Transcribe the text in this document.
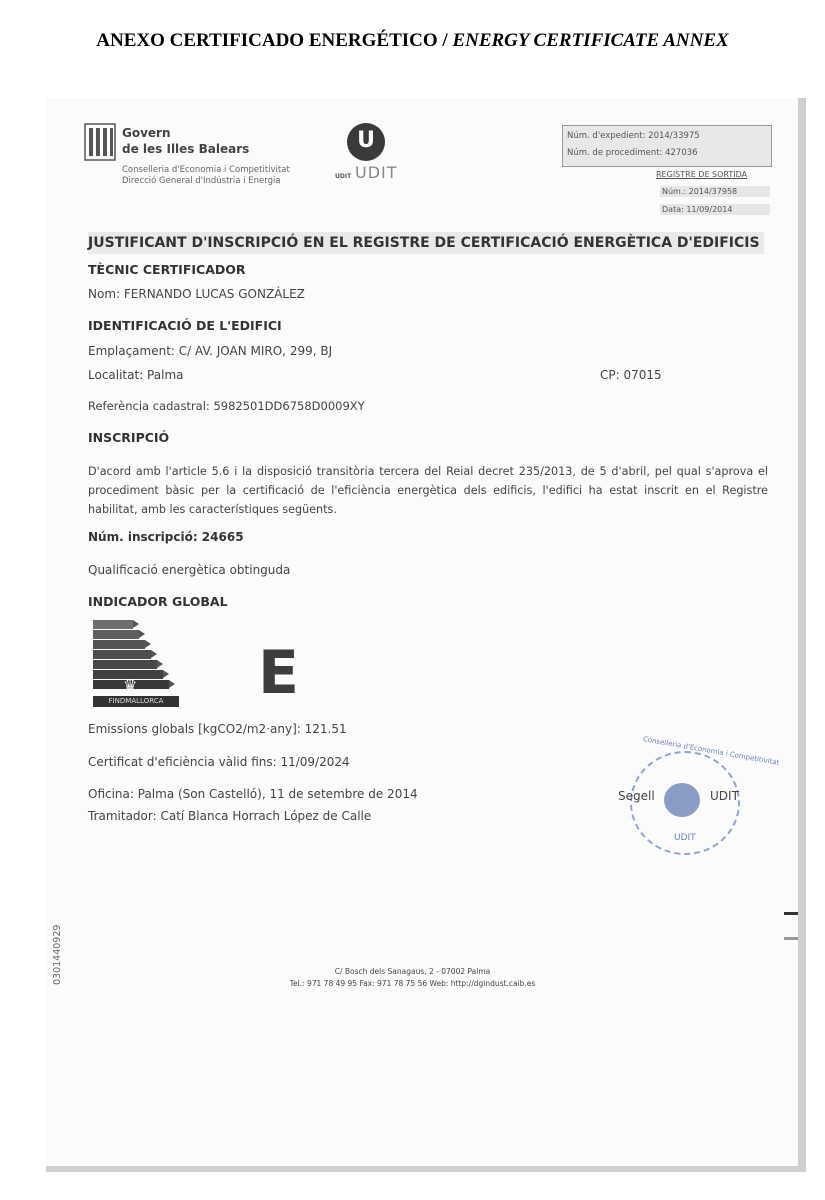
ANEXO CERTIFICADO ENERGÉTICO / ENERGY CERTIFICATE ANNEX
Govern
de les Illes Balears
Conselleria d'Economia i Competitivitat
Direcció General d'Indústria i Energia
U
UDIT UDIT
Núm. d'expedient: 2014/33975
Núm. de procediment: 427036
REGISTRE DE SORTIDA
Núm.: 2014/37958
Data: 11/09/2014
JUSTIFICANT D'INSCRIPCIÓ EN EL REGISTRE DE CERTIFICACIÓ ENERGÈTICA D'EDIFICIS
TÈCNIC CERTIFICADOR
Nom: FERNANDO LUCAS GONZÁLEZ
IDENTIFICACIÓ DE L'EDIFICI
Emplaçament: C/ AV. JOAN MIRO, 299, BJ
Localitat: Palma	CP: 07015
Referència cadastral: 5982501DD6758D0009XY
INSCRIPCIÓ
D'acord amb l'article 5.6 i la disposició transitòria tercera del Reial decret 235/2013, de 5 d'abril, pel qual s'aprova el procediment bàsic per la certificació de l'eficiència energètica dels edificis, l'edifici ha estat inscrit en el Registre habilitat, amb les característiques següents.
Núm. inscripció: 24665
Qualificació energètica obtinguda
INDICADOR GLOBAL
♛
FINDMALLORCA E
Emissions globals [kgCO2/m2·any]: 121.51
Certificat d'eficiència vàlid fins: 11/09/2024
Oficina: Palma (Son Castelló), 11 de setembre de 2014
Tramitador: Catí Blanca Horrach López de Calle
Conselleria d'Economia i Competitivitat
Segell	UDIT
UDIT
0301440929	C/ Bosch dels Sanagaus, 2 - 07002 Palma
Tel.: 971 78 49 95 Fax: 971 78 75 56 Web: http://dgindust.caib.es
